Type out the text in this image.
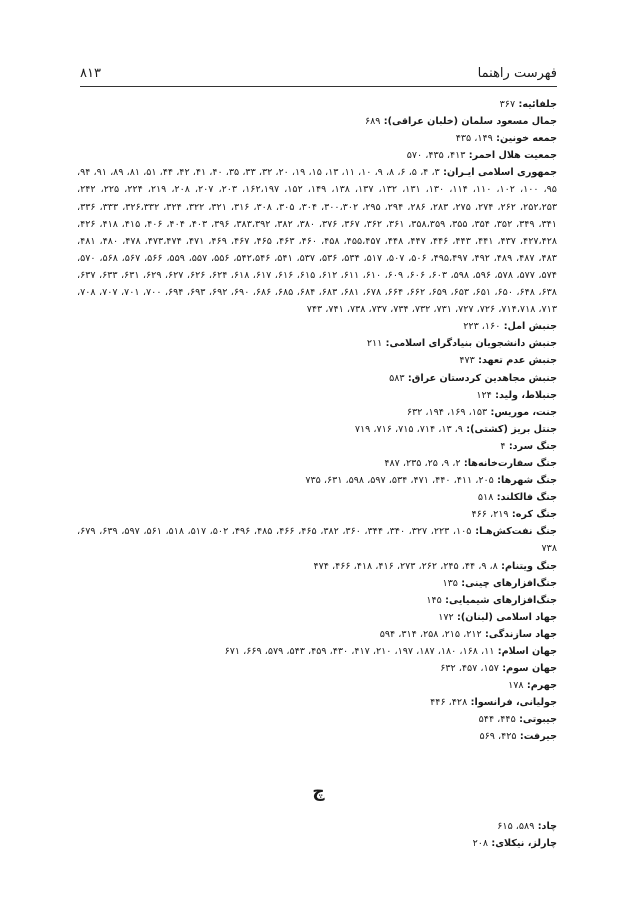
فهرست راهنما
۸۱۳

جلفائیه: ۳۶۷

جمال مسعود سلمان (خلبان عراقی): ۶۸۹

جمعه خونین: ۱۴۹، ۴۳۵

جمعیت هلال احمر: ۴۱۳، ۴۳۵، ۵۷۰

جمهوری اسلامی ایـران: ۳، ۴، ۵، ۶، ۸، ۹، ۱۰، ۱۱، ۱۳، ۱۵، ۱۹، ۲۰، ۳۲، ۳۳، ۳۵، ۴۰، ۴۱، ۴۲، ۴۴، ۵۱، ۸۱، ۸۹، ۹۱، ۹۴، ۹۵، ۱۰۰، ۱۰۲، ۱۱۰، ۱۱۴، ۱۳۰، ۱۳۱، ۱۳۲، ۱۳۷، ۱۳۸، ۱۴۹، ۱۵۲، ۱۶۲،۱۹۷، ۲۰۳، ۲۰۷، ۲۰۸، ۲۱۹، ۲۲۴، ۲۲۵، ۲۴۲، ۲۵۲،۲۵۳، ۲۶۲، ۲۷۴، ۲۷۵، ۲۸۳، ۲۸۶، ۲۹۴، ۲۹۵، ۳۰۰،۳۰۲، ۳۰۴، ۳۰۵، ۳۰۸، ۳۱۶، ۳۲۱، ۳۲۲، ۳۲۴، ۳۲۶،۳۳۲، ۳۳۳، ۳۳۶، ۳۴۱، ۳۴۹، ۳۵۲، ۳۵۴، ۳۵۵، ۳۵۸،۳۵۹، ۳۶۱، ۳۶۲، ۳۶۷، ۳۷۶، ۳۸۰، ۳۸۲، ۳۸۳،۳۹۲، ۳۹۶، ۴۰۳، ۴۰۴، ۴۰۶، ۴۱۵، ۴۱۸، ۴۲۶، ۴۲۷،۴۲۸، ۴۳۷، ۴۴۱، ۴۴۳، ۴۴۶، ۴۴۷، ۴۴۸، ۴۵۵،۴۵۷، ۴۵۸، ۴۶۰، ۴۶۳، ۴۶۵، ۴۶۷، ۴۶۹، ۴۷۱، ۴۷۳،۴۷۴، ۴۷۸، ۴۸۰، ۴۸۱، ۴۸۳، ۴۸۷، ۴۸۹، ۴۹۲، ۴۹۵،۴۹۷، ۵۰۶، ۵۰۷، ۵۱۷، ۵۳۴، ۵۳۶، ۵۳۷، ۵۴۱، ۵۴۲،۵۴۶، ۵۵۶، ۵۵۷، ۵۵۹، ۵۶۶، ۵۶۷، ۵۶۸، ۵۷۰، ۵۷۴، ۵۷۷، ۵۷۸، ۵۹۶، ۵۹۸، ۶۰۳، ۶۰۶، ۶۰۹، ۶۱۰، ۶۱۱، ۶۱۲، ۶۱۵، ۶۱۶، ۶۱۷، ۶۱۸، ۶۲۴، ۶۲۶، ۶۲۷، ۶۲۹، ۶۳۱، ۶۳۳، ۶۳۷، ۶۳۸، ۶۴۸، ۶۵۰، ۶۵۱، ۶۵۳، ۶۵۹، ۶۶۲، ۶۶۴، ۶۷۸، ۶۸۱، ۶۸۳، ۶۸۴، ۶۸۵، ۶۸۶، ۶۹۰، ۶۹۲، ۶۹۳، ۶۹۴، ۷۰۰، ۷۰۱، ۷۰۷، ۷۰۸، ۷۱۳، ۷۱۴،۷۱۸، ۷۲۶، ۷۲۷، ۷۳۱، ۷۳۲، ۷۳۴، ۷۳۷، ۷۳۸، ۷۴۱، ۷۴۳

جنبش امل: ۱۶۰، ۲۲۳

جنبش دانشجویان بنیادگرای اسلامی: ۲۱۱

جنبش عدم تعهد: ۴۷۳

جنبش مجاهدین کردستان عراق: ۵۸۳

جنبلاط، ولید: ۱۲۴

جنت، موریس: ۱۵۳، ۱۶۹، ۱۹۴، ۶۳۲

جنتل بریز (کشتی): ۹، ۱۳، ۷۱۴، ۷۱۵، ۷۱۶، ۷۱۹

جنگ سرد: ۴

جنگ سفارت‌خانه‌ها: ۲، ۹، ۲۵، ۲۳۵، ۴۸۷

جنگ شهرها: ۲۰۵، ۴۱۱، ۴۴۰، ۴۷۱، ۵۳۴، ۵۹۷، ۵۹۸، ۶۳۱، ۷۳۵

جنگ فالکلند: ۵۱۸

جنگ کره: ۲۱۹، ۴۶۶

جنگ نفت‌کش‌هـا: ۱۰۵، ۲۲۳، ۳۲۷، ۳۴۰، ۳۴۴، ۳۶۰، ۳۸۲، ۴۶۵، ۴۶۶، ۴۸۵، ۴۹۶، ۵۰۲، ۵۱۷، ۵۱۸، ۵۶۱، ۵۹۷، ۶۳۹، ۶۷۹، ۷۳۸

جنگ ویتنام: ۸، ۹، ۴۴، ۲۴۵، ۲۶۲، ۲۷۳، ۴۱۶، ۴۱۸، ۴۶۶، ۴۷۴

جنگ‌افزارهای چینی: ۱۳۵

جنگ‌افزارهای شیمیایی: ۱۴۵

جهاد اسلامی (لبنان): ۱۷۲

جهاد سازندگی: ۲۱۲، ۲۱۵، ۲۵۸، ۳۱۴، ۵۹۴

جهان اسلام: ۱۱، ۱۶۸، ۱۸۰، ۱۸۷، ۱۹۷، ۲۱۰، ۴۱۷، ۴۳۰، ۴۵۹، ۵۴۳، ۵۷۹، ۶۶۹، ۶۷۱

جهان سوم: ۱۵۷، ۴۵۷، ۶۳۲

جهرم: ۱۷۸

جولیانی، فرانسوا: ۴۲۸، ۴۴۶

جیبوتی: ۴۴۵، ۵۴۴

جیرفت: ۴۲۵، ۵۶۹

چ

چاد: ۵۸۹، ۶۱۵

چارلز، نیکلای: ۲۰۸
